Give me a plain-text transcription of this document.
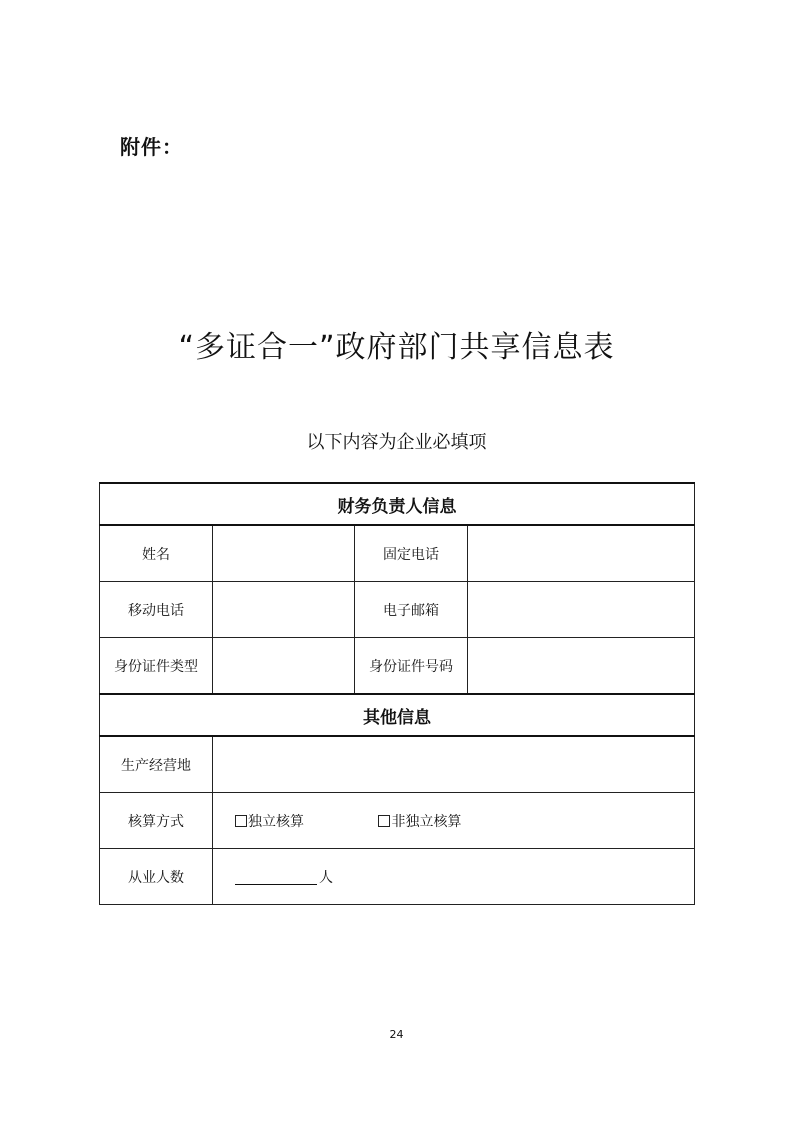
附件：
“多证合一”政府部门共享信息表
以下内容为企业必填项
财务负责人信息			
姓名		固定电话	
移动电话		电子邮箱	
身份证件类型		身份证件号码	
其他信息			
生产经营地			
核算方式	独立核算 非独立核算		
从业人数	人		
24
